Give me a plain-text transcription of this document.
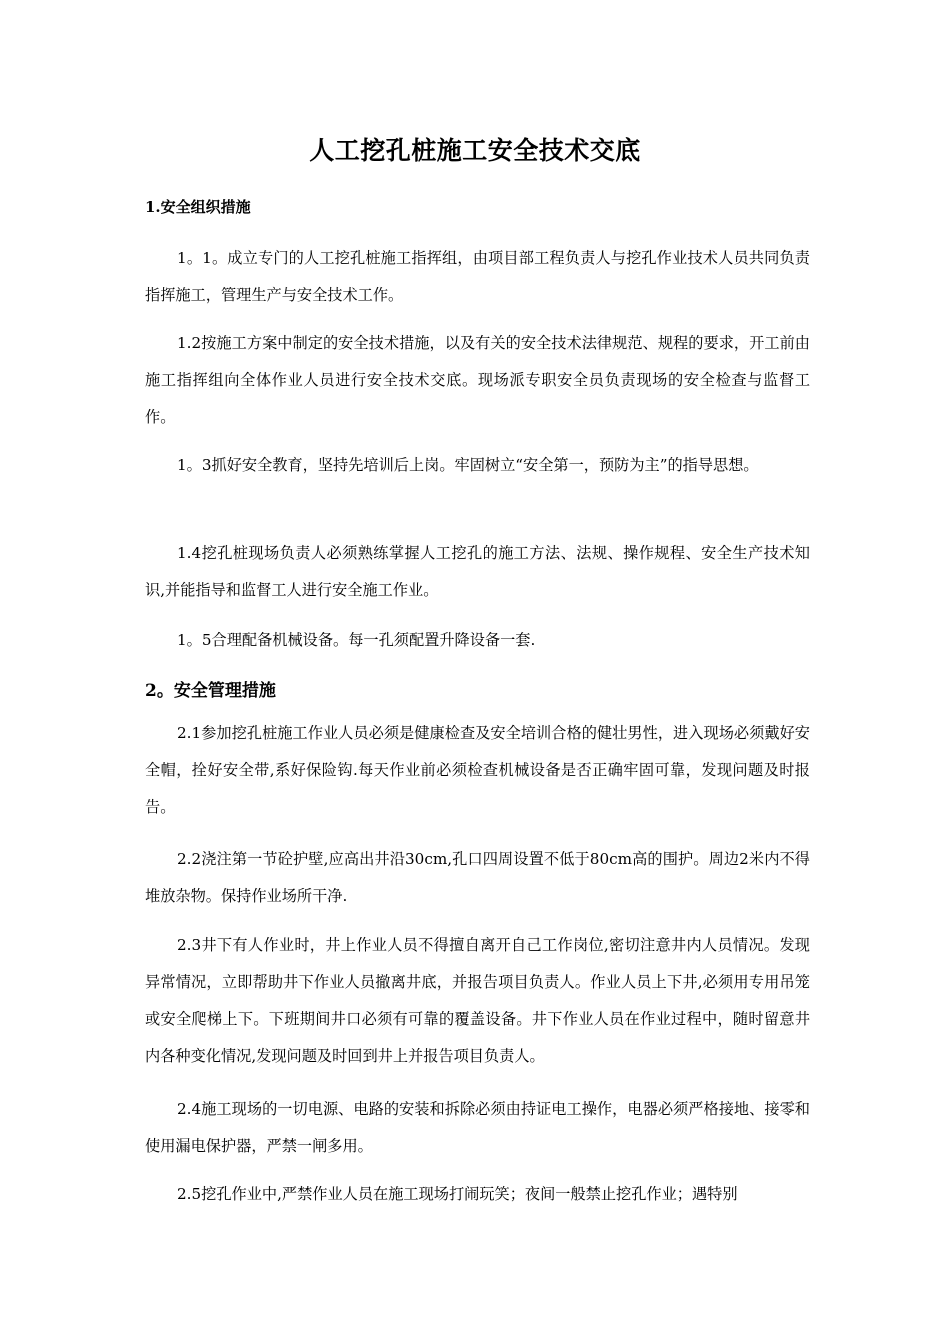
人工挖孔桩施工安全技术交底
1.安全组织措施

1。1。成立专门的人工挖孔桩施工指挥组，由项目部工程负责人与挖孔作业技术人员共同负责指挥施工，管理生产与安全技术工作。

1.2按施工方案中制定的安全技术措施，以及有关的安全技术法律规范、规程的要求，开工前由施工指挥组向全体作业人员进行安全技术交底。现场派专职安全员负责现场的安全检查与监督工作。

1。3抓好安全教育，坚持先培训后上岗。牢固树立“安全第一，预防为主”的指导思想。

1.4挖孔桩现场负责人必须熟练掌握人工挖孔的施工方法、法规、操作规程、安全生产技术知识,并能指导和监督工人进行安全施工作业。

1。5合理配备机械设备。每一孔须配置升降设备一套.

2。安全管理措施

2.1参加挖孔桩施工作业人员必须是健康检查及安全培训合格的健壮男性，进入现场必须戴好安全帽，拴好安全带,系好保险钩.每天作业前必须检查机械设备是否正确牢固可靠，发现问题及时报告。

2.2浇注第一节砼护壁,应高出井沿30cm,孔口四周设置不低于80cm高的围护。周边2米内不得堆放杂物。保持作业场所干净.

2.3井下有人作业时，井上作业人员不得擅自离开自己工作岗位,密切注意井内人员情况。发现异常情况，立即帮助井下作业人员撤离井底，并报告项目负责人。作业人员上下井,必须用专用吊笼或安全爬梯上下。下班期间井口必须有可靠的覆盖设备。井下作业人员在作业过程中，随时留意井内各种变化情况,发现问题及时回到井上并报告项目负责人。

2.4施工现场的一切电源、电路的安装和拆除必须由持证电工操作，电器必须严格接地、接零和使用漏电保护器，严禁一闸多用。

2.5挖孔作业中,严禁作业人员在施工现场打闹玩笑；夜间一般禁止挖孔作业；遇特别
